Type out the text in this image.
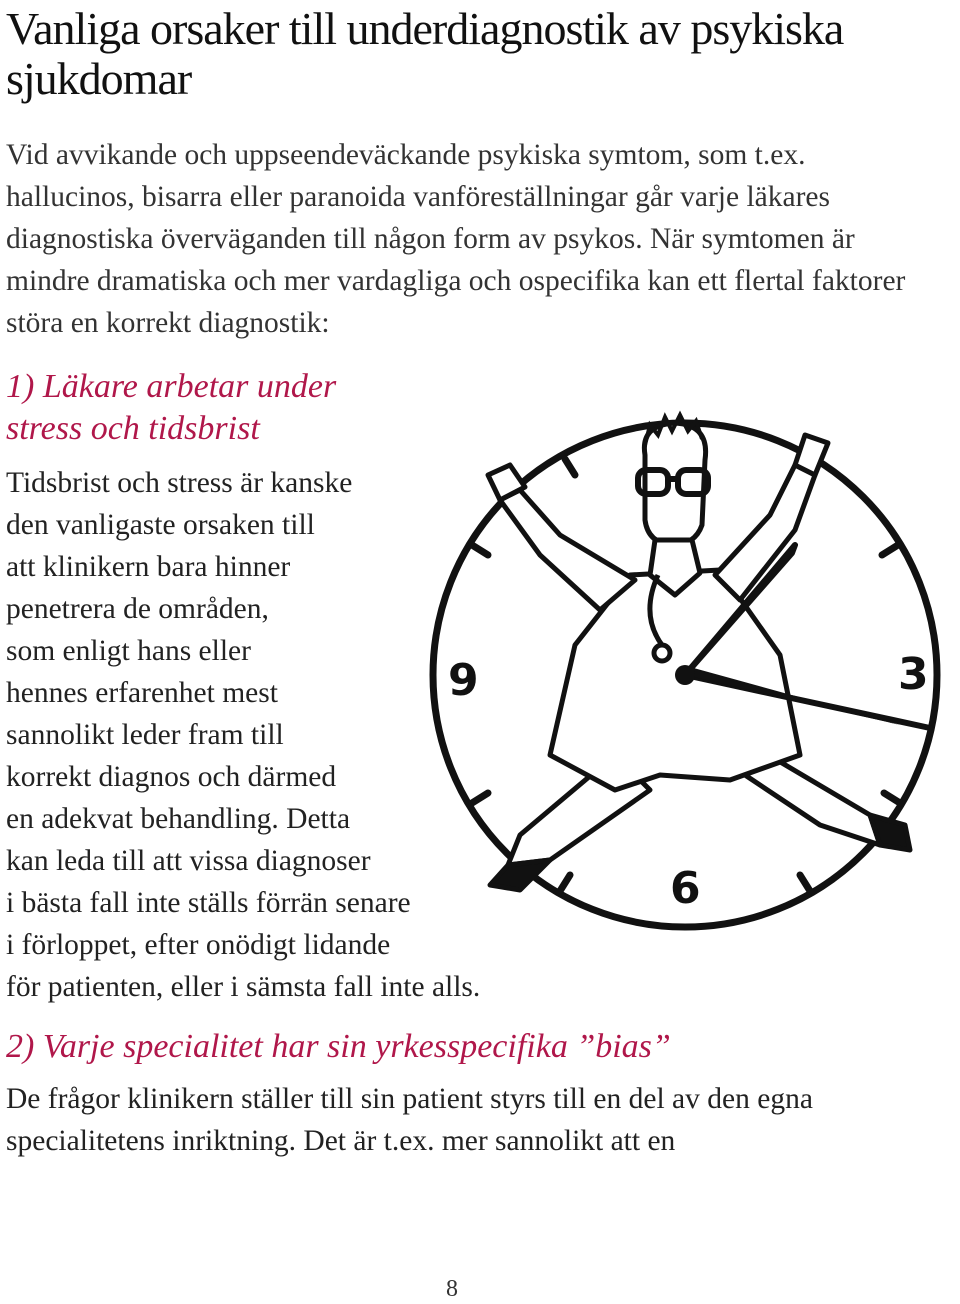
Vanliga orsaker till underdiagnostik av psykiska sjukdomar

Vid avvikande och uppseendeväckande psykiska symtom, som t.ex. hallucinos, bisarra eller paranoida vanföreställningar går varje läkares diagnostiska överväganden till någon form av psykos. När symtomen är mindre dramatiska och mer vardagliga och ospecifika kan ett flertal faktorer störa en korrekt diagnostik:

9	3
6
1) Läkare arbetar under
stress och tidsbrist

Tidsbrist och stress är kanske
den vanligaste orsaken till
att klinikern bara hinner
penetrera de områden,
som enligt hans eller
hennes erfarenhet mest
sannolikt leder fram till
korrekt diagnos och därmed
en adekvat behandling. Detta
kan leda till att vissa diagnoser
i bästa fall inte ställs förrän senare
i förloppet, efter onödigt lidande
för patienten, eller i sämsta fall inte alls.

2) Varje specialitet har sin yrkesspecifika ”bias”

De frågor klinikern ställer till sin patient styrs till en del av den egna specialitetens inriktning. Det är t.ex. mer sannolikt att en

8
